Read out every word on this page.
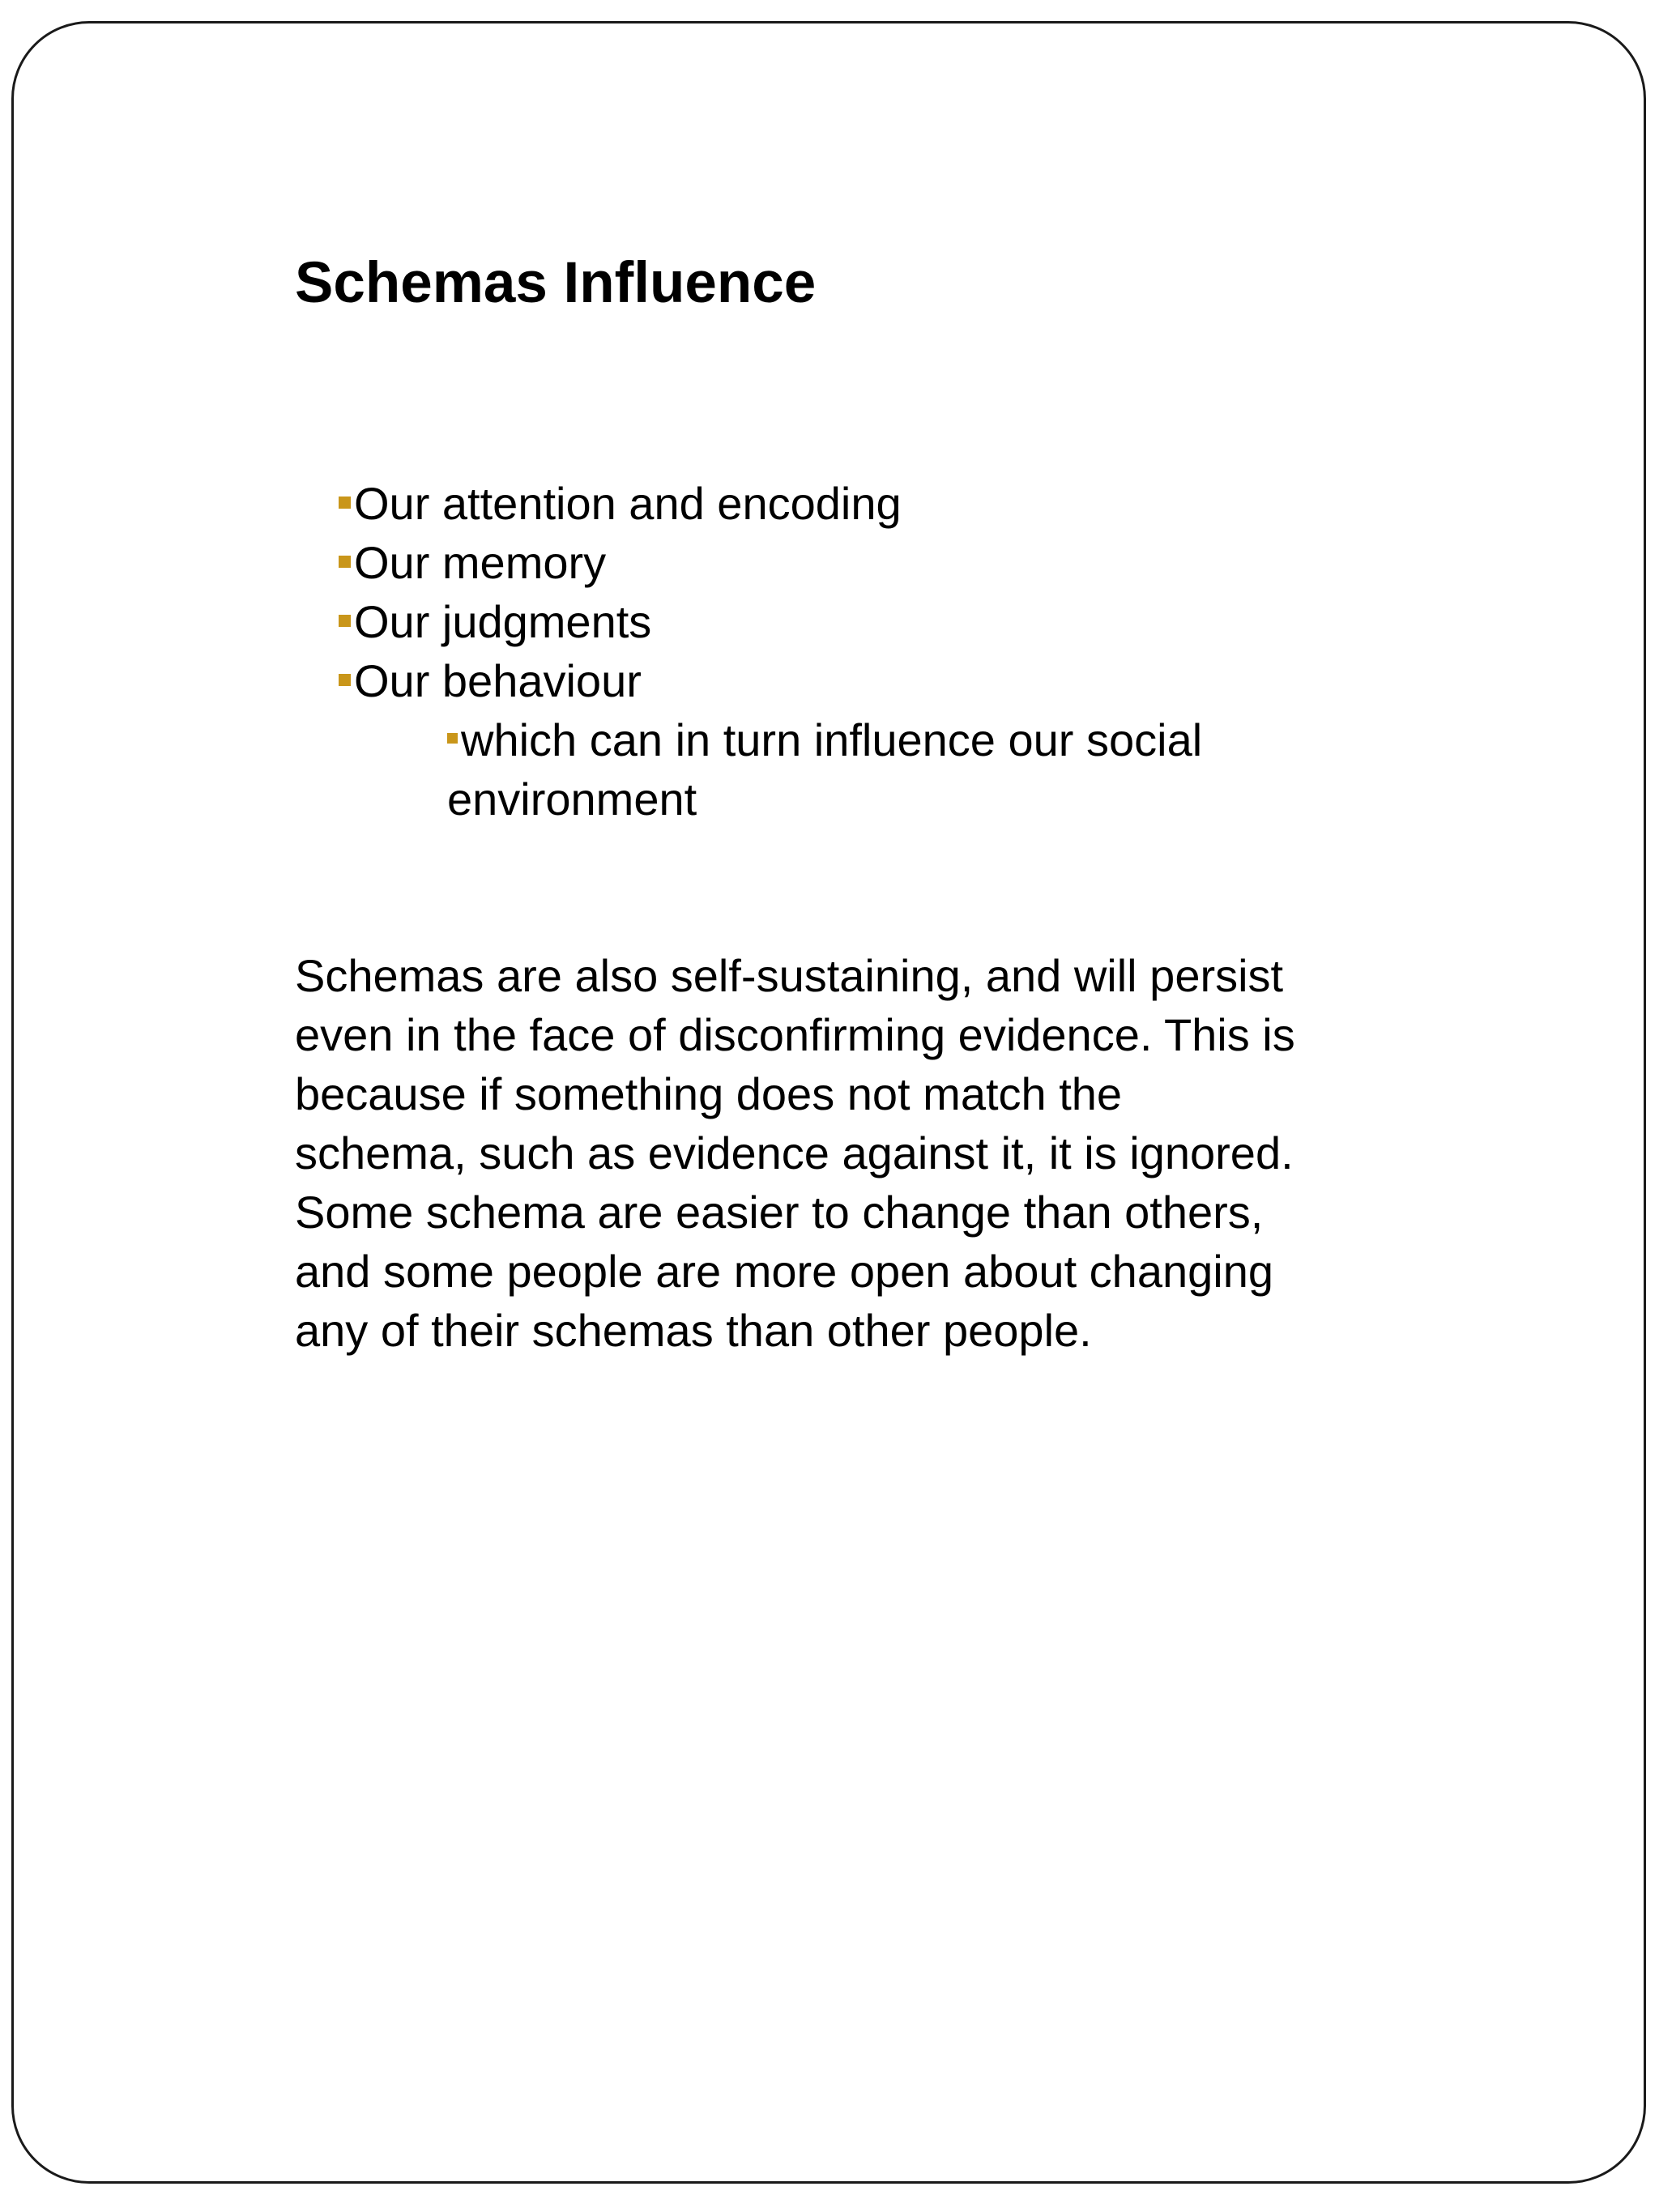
Schemas Influence
Our attention and encoding
Our memory
Our judgments
Our behaviour
which can in turn influence our social
environment

Schemas are also self-sustaining, and will persist
even in the face of disconfirming evidence. This is
because if something does not match the
schema, such as evidence against it, it is ignored.
Some schema are easier to change than others,
and some people are more open about changing
any of their schemas than other people.
